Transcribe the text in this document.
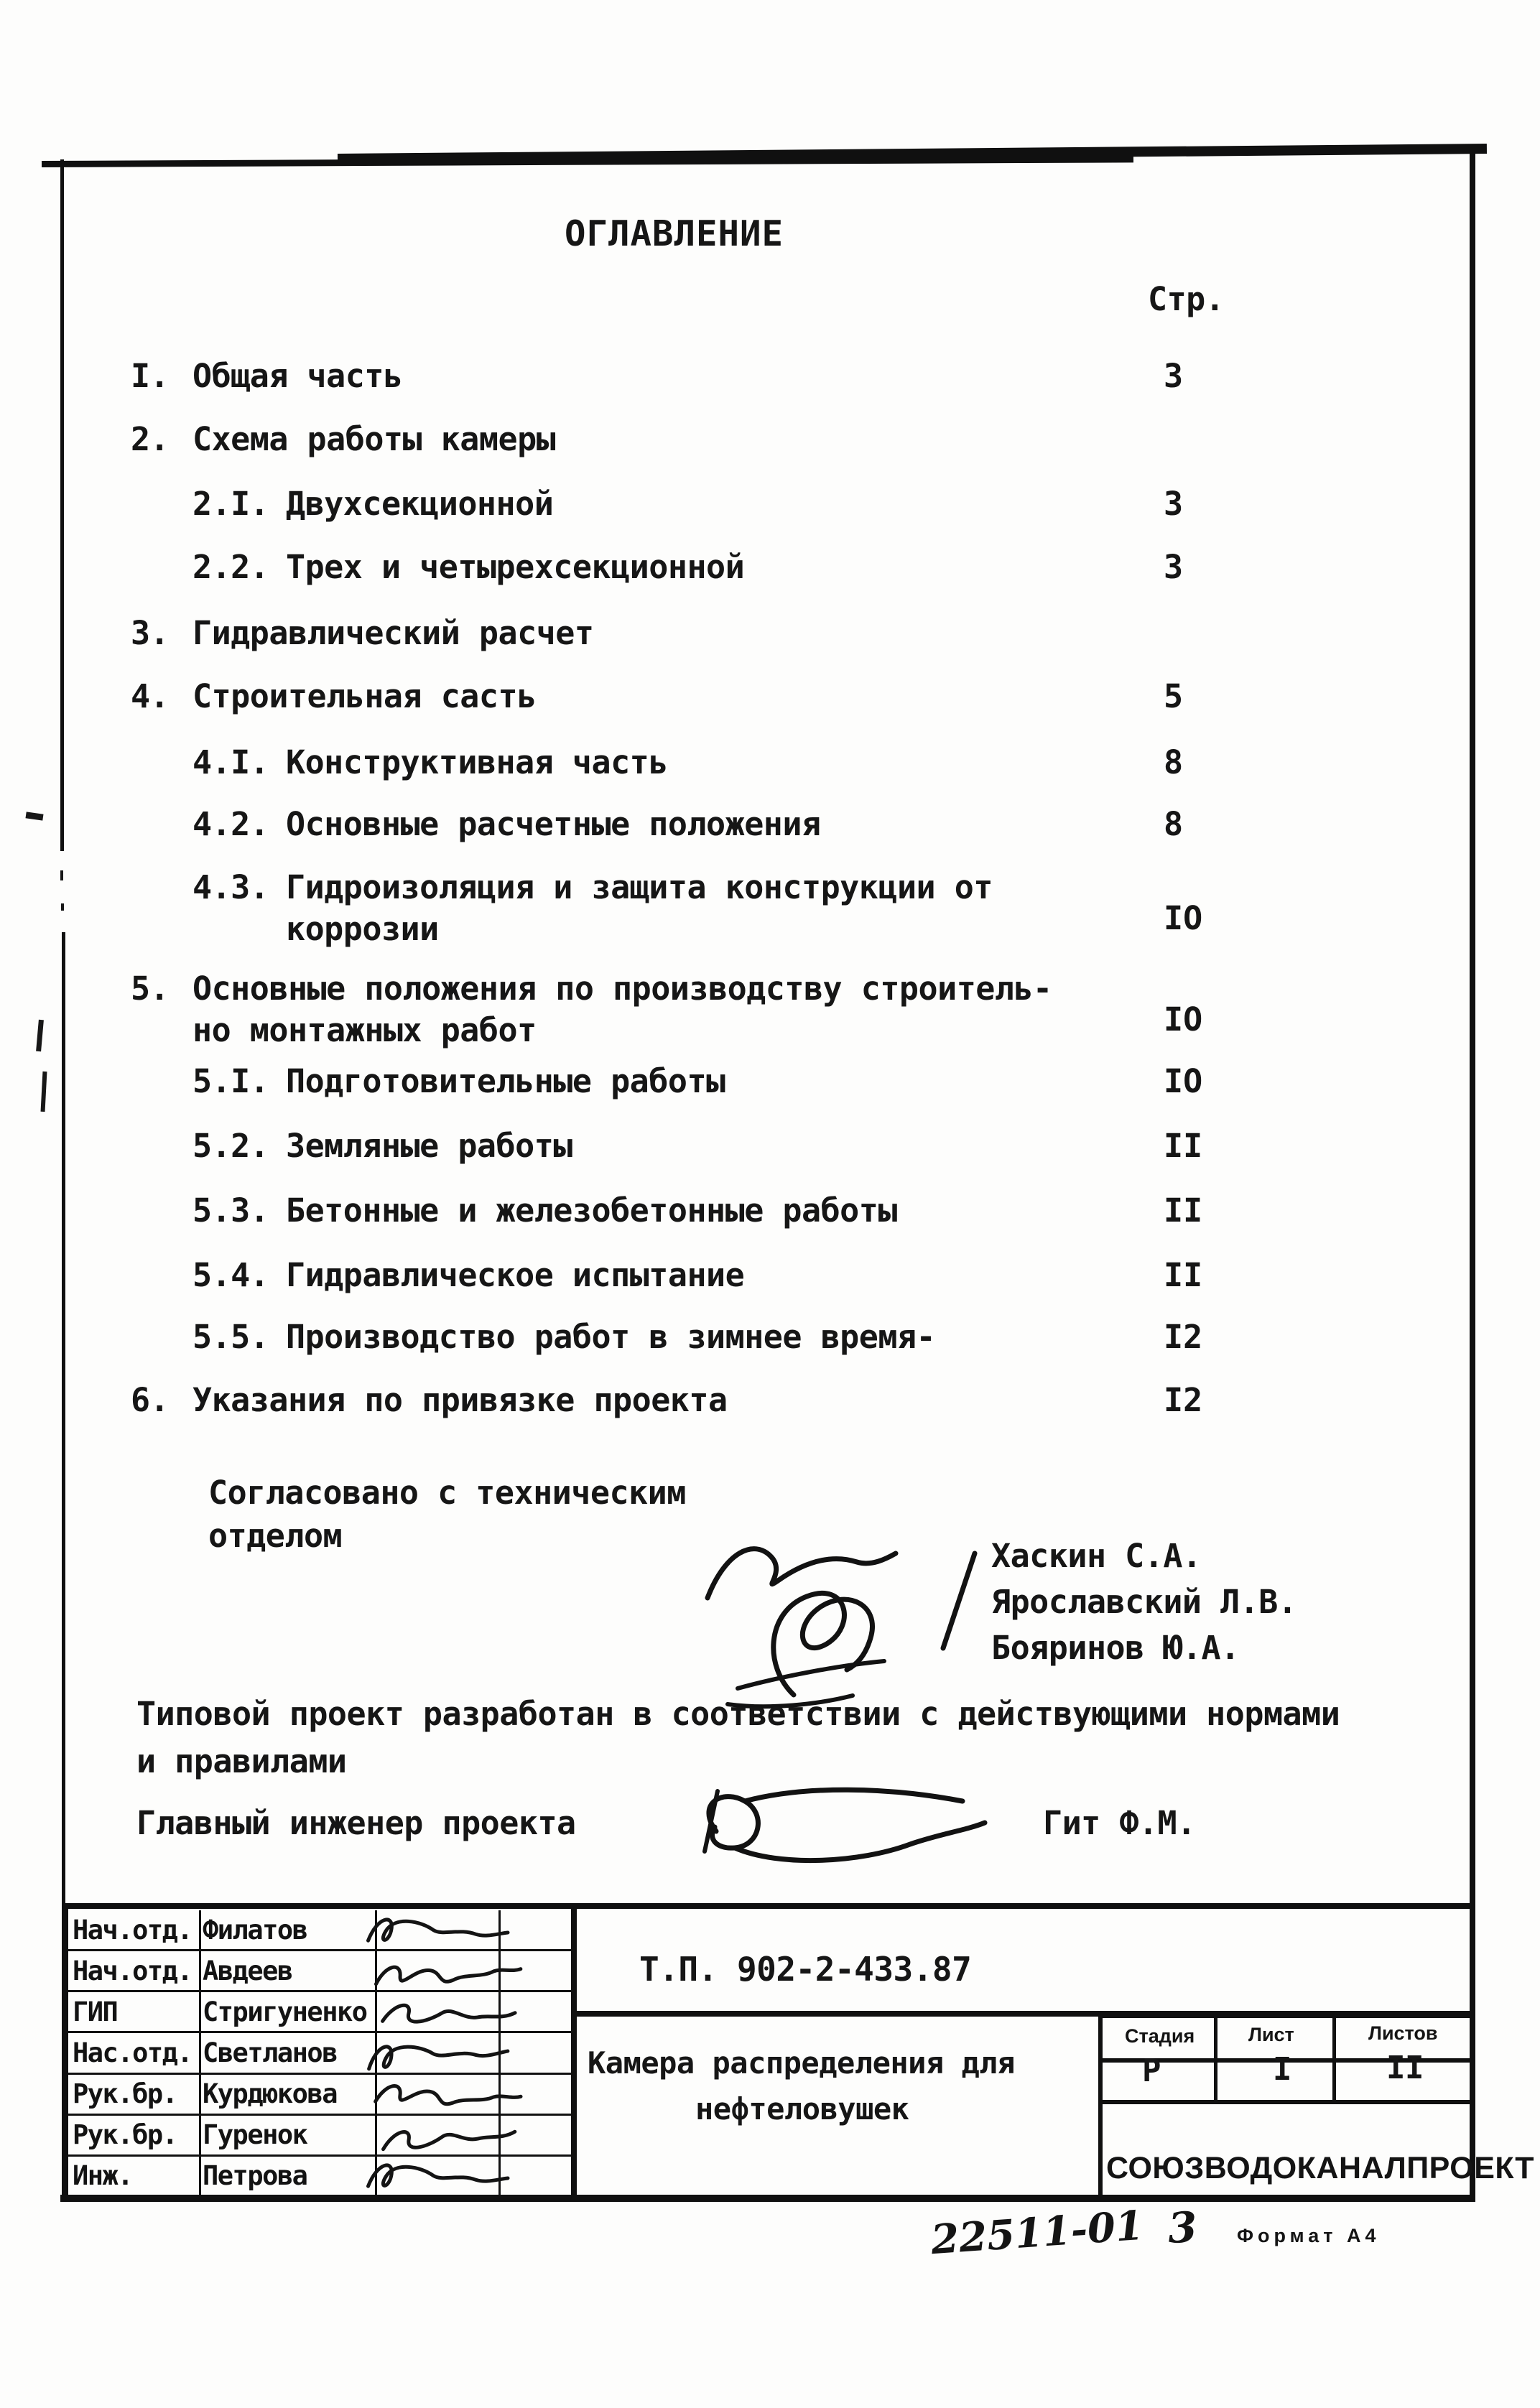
ОГЛАВЛЕНИЕ
Стр.
I. Общая часть	3
2. Схема работы камеры
2.I. Двухсекционной	3
2.2. Трех и четырехсекционной	3
3. Гидравлический расчет
4. Строительная састь	5
4.I. Конструктивная часть	8
4.2. Основные расчетные положения	8
4.3. Гидроизоляция и защита конструкции от
коррозии	IO
5. Основные положения по производству строитель-
но монтажных работ	IO
5.I. Подготовительные работы	IO
5.2. Земляные работы	II
5.3. Бетонные и железобетонные работы	II
5.4. Гидравлическое испытание	II
5.5. Производство работ в зимнее время-	I2
6. Указания по привязке проекта	I2
Согласовано с техническим
отделом
Хаскин С.А.
Ярославский Л.В.
Бояринов Ю.А.
Типовой проект разработан в соответствии с действующими нормами
и правилами
Главный инженер проекта	Гит Ф.М.
Нач.отд. Филатов
Нач.отд. Авдеев
ГИП	Стригуненко
Нас.отд. Светланов
Рук.бр. Курдюкова
Рук.бр. Гуренок
Инж.	Петрова
Т.П. 902-2-433.87
Камера распределения для
нефтеловушек
Стадия	Лист	Листов
Р	I	II
СОЮЗВОДОКАНАЛПРОЕКТ
22511-01 3 Формат А4
